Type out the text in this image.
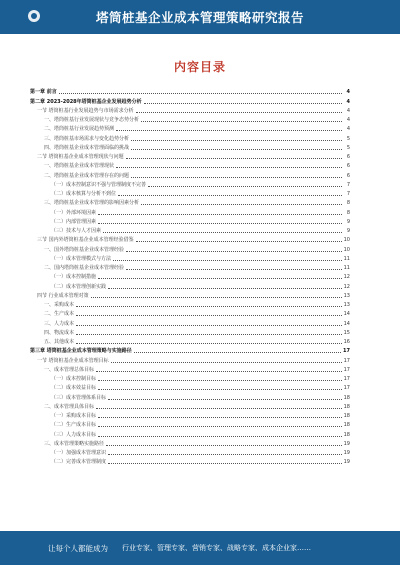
塔筒桩基企业成本管理策略研究报告
内容目录
第一章 前言	4
第二章 2023-2028年塔筒桩基企业发展趋势分析	4
一节 塔筒桩基行业发展趋势与市场需求分析	4
一、塔筒桩基行业发展现状与竞争态势分析	4
二、塔筒桩基行业发展趋势预测	4
三、塔筒桩基市场需求与变化趋势分析	5
四、塔筒桩基企业成本管理面临的挑战	5
二节 塔筒桩基企业成本管理现状与问题	6
一、塔筒桩基企业成本管理现状	6
二、塔筒桩基企业成本管理存在的问题	6
（一）成本控制意识不强与管理制度不完善	7
（二）成本核算与分析不到位	7
三、塔筒桩基企业成本管理的影响因素分析	8
（一）外部环境因素	8
（二）内部管理因素	9
（三）技术与人才因素	9
三节 国内外塔筒桩基企业成本管理经验借鉴	10
一、国外塔筒桩基企业成本管理经验	10
（一）成本管理模式与方法	11
二、国内塔筒桩基企业成本管理经验	11
（一）成本控制措施	12
（二）成本管理创新实践	12
四节 行业成本管理对策	13
一、采购成本	13
二、生产成本	14
三、人力成本	14
四、物流成本	15
五、其他成本	16
第三章 塔筒桩基企业成本管理策略与实施路径	17
一节 塔筒桩基企业成本管理目标	17
一、成本管理总体目标	17
（一）成本控制目标	17
（二）成本效益目标	17
（三）成本管理体系目标	18
二、成本管理具体目标	18
（一）采购成本目标	18
（二）生产成本目标	18
（三）人力成本目标	18
三、成本管理策略实施路径	19
（一）加强成本管理意识	19
（二）完善成本管理制度	19
让每个人都能成为 行业专家、管理专家、营销专家、战略专家、成本企业家……
